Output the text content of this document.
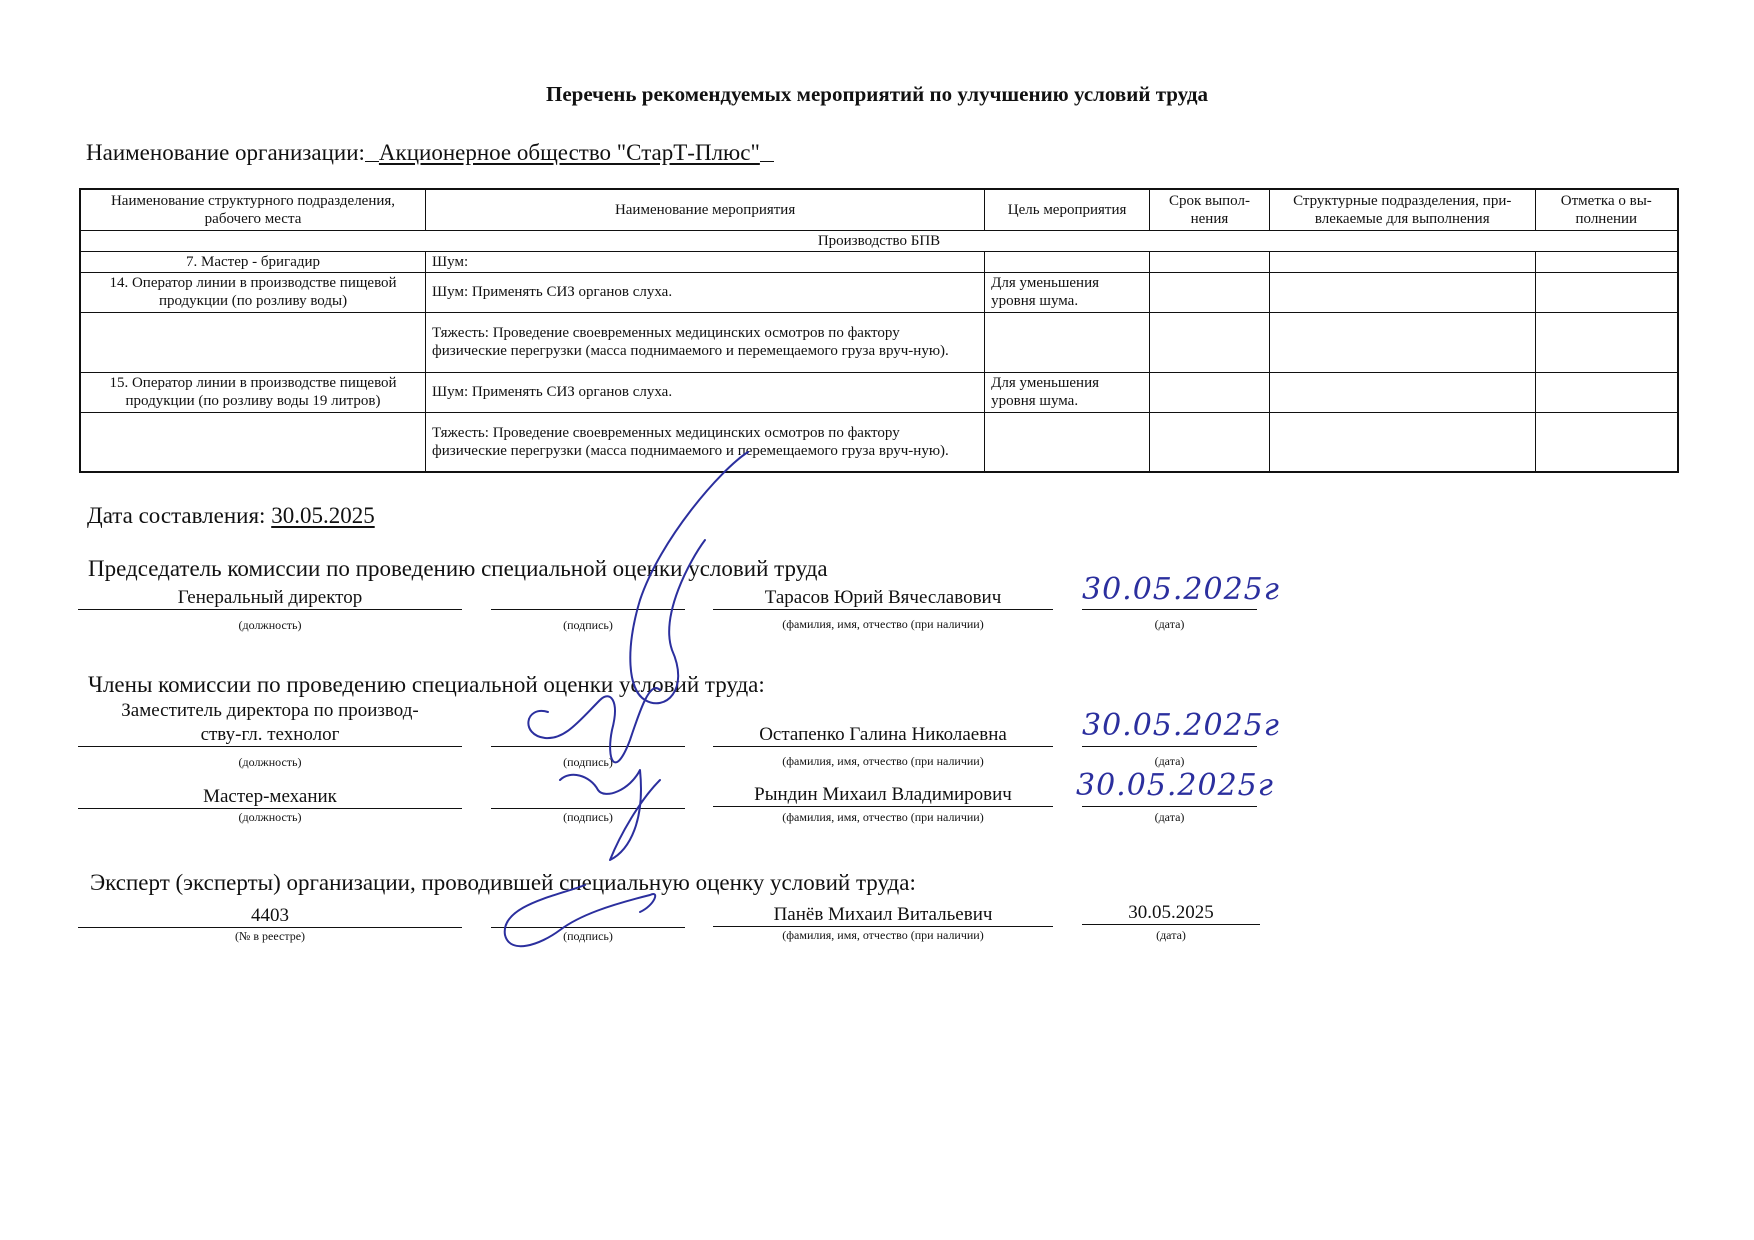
Перечень рекомендуемых мероприятий по улучшению условий труда
Наименование организации: Акционерное общество "СтарТ-Плюс"
Наименование структурного подразделения, рабочего места	Наименование мероприятия	Цель мероприятия	Срок выпол-нения	Структурные подразделения, при-влекаемые для выполнения	Отметка о вы-полнении
Производство БПВ					
7. Мастер - бригадир	Шум:				
14. Оператор линии в производстве пищевой продукции (по розливу воды)	Шум: Применять СИЗ органов слуха.	Для уменьшения уровня шума.			
	Тяжесть: Проведение своевременных медицинских осмотров по фактору физические перегрузки (масса поднимаемого и перемещаемого груза вруч-ную).				
15. Оператор линии в производстве пищевой продукции (по розливу воды 19 литров)	Шум: Применять СИЗ органов слуха.	Для уменьшения уровня шума.			
	Тяжесть: Проведение своевременных медицинских осмотров по фактору физические перегрузки (масса поднимаемого и перемещаемого груза вруч-ную).				
Дата составления: 30.05.2025
Председатель комиссии по проведению специальной оценки условий труда
Генеральный директор
(должность)	(подпись)
Тарасов Юрий Вячеславович
(фамилия, имя, отчество (при наличии)
30.05.2025г
(дата)
Члены комиссии по проведению специальной оценки условий труда:
Заместитель директора по производ-
ству-гл. технолог
(должность)	(подпись)
Остапенко Галина Николаевна
(фамилия, имя, отчество (при наличии)
30.05.2025г
(дата)
Мастер-механик
(должность)	(подпись)
Рындин Михаил Владимирович
(фамилия, имя, отчество (при наличии)
30.05.2025г
(дата)
Эксперт (эксперты) организации, проводившей специальную оценку условий труда:
4403
(№ в реестре)	(подпись)
Панёв Михаил Витальевич
(фамилия, имя, отчество (при наличии)
30.05.2025
(дата)
